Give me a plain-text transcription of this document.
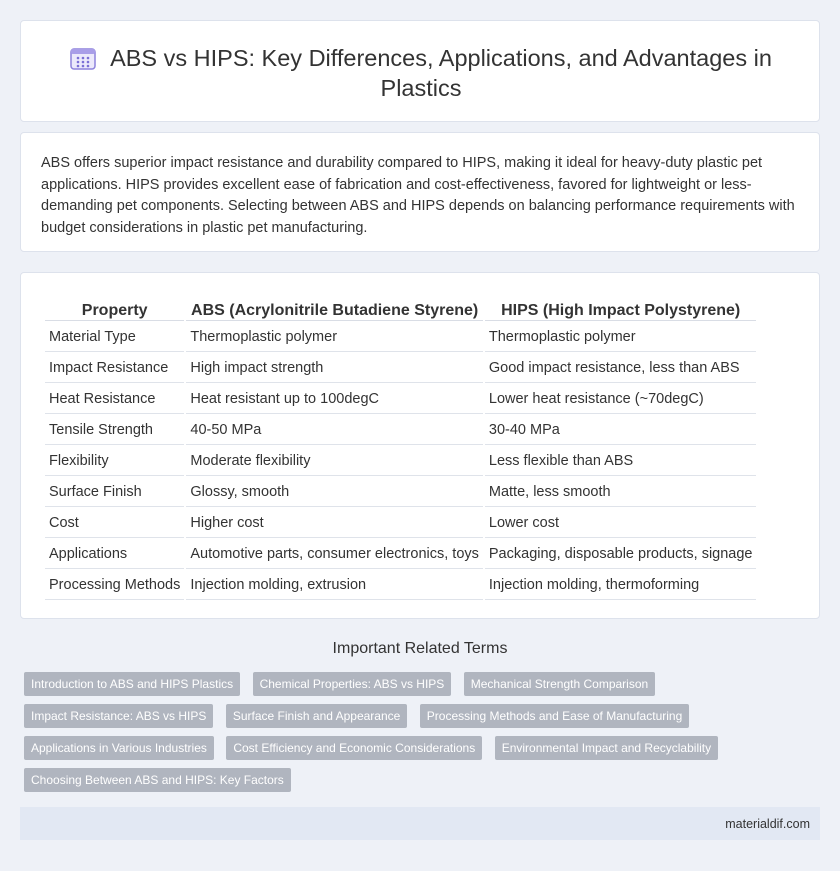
ABS vs HIPS: Key Differences, Applications, and Advantages in Plastics

ABS offers superior impact resistance and durability compared to HIPS, making it ideal for heavy-duty plastic pet applications. HIPS provides excellent ease of fabrication and cost-effectiveness, favored for lightweight or less-demanding pet components. Selecting between ABS and HIPS depends on balancing performance requirements with budget considerations in plastic pet manufacturing.

Property	ABS (Acrylonitrile Butadiene Styrene)	HIPS (High Impact Polystyrene)
Material Type	Thermoplastic polymer	Thermoplastic polymer
Impact Resistance	High impact strength	Good impact resistance, less than ABS
Heat Resistance	Heat resistant up to 100degC	Lower heat resistance (~70degC)
Tensile Strength	40-50 MPa	30-40 MPa
Flexibility	Moderate flexibility	Less flexible than ABS
Surface Finish	Glossy, smooth	Matte, less smooth
Cost	Higher cost	Lower cost
Applications	Automotive parts, consumer electronics, toys	Packaging, disposable products, signage
Processing Methods	Injection molding, extrusion	Injection molding, thermoforming
Important Related Terms
Introduction to ABS and HIPS Plastics Chemical Properties: ABS vs HIPS Mechanical Strength Comparison
Impact Resistance: ABS vs HIPS Surface Finish and Appearance Processing Methods and Ease of Manufacturing
Applications in Various Industries Cost Efficiency and Economic Considerations Environmental Impact and Recyclability
Choosing Between ABS and HIPS: Key Factors
materialdif.com
